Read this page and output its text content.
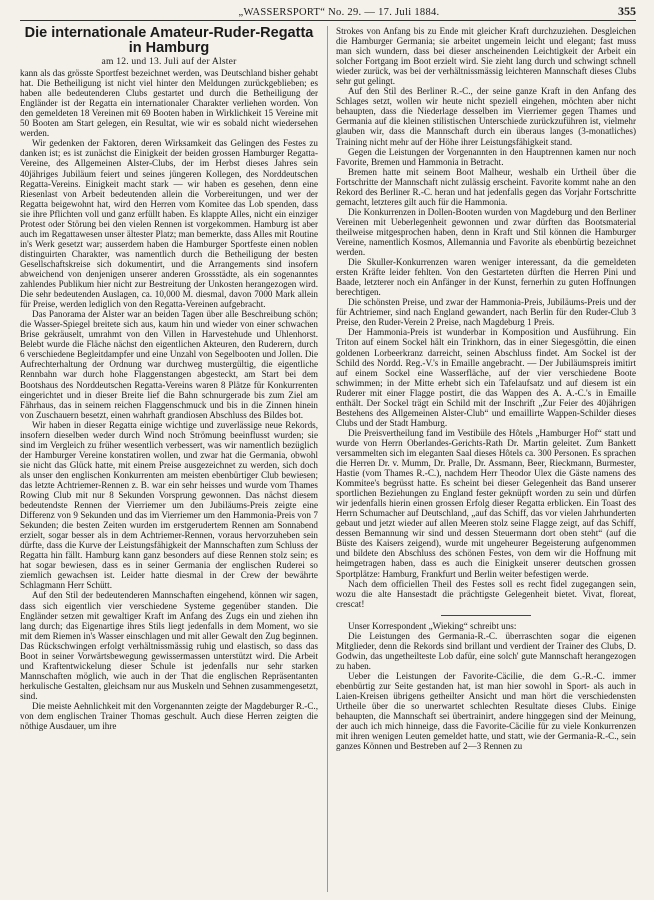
„WASSERSPORT“ No. 29. — 17. Juli 1884.	355
Die internationale Amateur-Ruder-Regatta in Hamburg
am 12. und 13. Juli auf der Alster

kann als das grösste Sportfest bezeichnet werden, was Deutschland bisher gehabt hat. Die Betheiligung ist nicht viel hinter den Meldungen zurückgeblieben; es haben alle bedeutenderen Clubs gestartet und durch die Betheiligung der Engländer ist der Regatta ein internationaler Charakter verliehen worden. Von den gemeldeten 18 Vereinen mit 69 Booten haben in Wirklichkeit 15 Vereine mit 50 Booten am Start gelegen, ein Resultat, wie wir es sobald nicht wiedersehen werden.

Wir gedenken der Faktoren, deren Wirksamkeit das Gelingen des Festes zu danken ist; es ist zunächst die Einigkeit der beiden grossen Hamburger Regatta-Vereine, des Allgemeinen Alster-Clubs, der im Herbst dieses Jahres sein 40jähriges Jubiläum feiert und seines jüngeren Kollegen, des Norddeutschen Regatta-Vereins. Einigkeit macht stark — wir haben es gesehen, denn eine Riesenlast von Arbeit bedeutenden allein die Vorbereitungen, und wer der Regatta beigewohnt hat, wird den Herren vom Komitee das Lob spenden, dass sie ihre Pflichten voll und ganz erfüllt haben. Es klappte Alles, nicht ein einziger Protest oder Störung bei den vielen Rennen ist vorgekommen. Hamburg ist aber auch im Regattawesen unser ältester Platz; man bemerkte, dass Alles mit Routine in's Werk gesetzt war; ausserdem haben die Hamburger Sportfeste einen noblen distinguirten Charakter, was namentlich durch die Betheiligung der besten Gesellschaftskreise sich dokumentirt, und die Arrangements sind insofern abweichend von denjenigen unserer anderen Grossstädte, als ein sogenanntes zahlendes Publikum hier nicht zur Bestreitung der Unkosten herangezogen wird. Die sehr bedeutenden Auslagen, ca. 10,000 M. diesmal, davon 7000 Mark allein für Preise, werden lediglich von den Regatta-Vereinen aufgebracht.

Das Panorama der Alster war an beiden Tagen über alle Beschreibung schön; die Wasser-Spiegel breitete sich aus, kaum hin und wieder von einer schwachen Brise gekräuselt, umrahmt von den Villen in Harvestehude und Uhlenhorst. Belebt wurde die Fläche nächst den eigentlichen Akteuren, den Ruderern, durch 6 verschiedene Begleitdampfer und eine Unzahl von Segelbooten und Jollen. Die Aufrechterhaltung der Ordnung war durchweg mustergültig, die eigentliche Rennbahn war durch hohe Flaggenstangen abgesteckt, am Start bei dem Bootshaus des Norddeutschen Regatta-Vereins waren 8 Plätze für Konkurrenten eingerichtet und in dieser Breite lief die Bahn schnurgerade bis zum Ziel am Fährhaus, das in seinem reichen Flaggenschmuck und bis in die Zinnen hinein von Zuschauern besetzt, einen wahrhaft grandiosen Abschluss des Bildes bot.

Wir haben in dieser Regatta einige wichtige und zuverlässige neue Rekords, insofern dieselben weder durch Wind noch Strömung beeinflusst wurden; sie sind im Vergleich zu früher wesentlich verbessert, was wir namentlich bezüglich der Hamburger Vereine konstatiren wollen, und zwar hat die Germania, obwohl sie nicht das Glück hatte, mit einem Preise ausgezeichnet zu werden, sich doch als unser den englischen Konkurrenten am meisten ebenbürtiger Club bewiesen; das letzte Achtriemer-Rennen z. B. war ein sehr heisses und wurde vom Thames Rowing Club mit nur 8 Sekunden Vorsprung gewonnen. Das nächst diesem bedeutendste Rennen der Vierriemer um den Jubiläums-Preis zeigte eine Differenz von 9 Sekunden und das im Vierriemer um den Hammonia-Preis von 7 Sekunden; die besten Zeiten wurden im erstgerudertem Rennen am Sonnabend erzielt, sogar besser als in dem Achtriemer-Rennen, voraus hervorzuheben sein dürfte, dass die Kurve der Leistungsfähigkeit der Mannschaften zum Schluss der Regatta hin fällt. Hamburg kann ganz besonders auf diese Rennen stolz sein; es hat sogar bewiesen, dass es in seiner Germania der englischen Ruderei so ziemlich gewachsen ist. Leider hatte diesmal in der Crew der bewährte Schlagmann Herr Schütt.

Auf den Stil der bedeutenderen Mannschaften eingehend, können wir sagen, dass sich eigentlich vier verschiedene Systeme gegenüber standen. Die Engländer setzen mit gewaltiger Kraft im Anfang des Zugs ein und ziehen ihn lang durch; das Eigenartige ihres Stils liegt jedenfalls in dem Moment, wo sie mit dem Riemen in's Wasser einschlagen und mit aller Gewalt den Zug beginnen. Das Rückschwingen erfolgt verhältnissmässig ruhig und elastisch, so dass das Boot in seiner Vorwärtsbewegung gewissermassen unterstützt wird. Die Arbeit und Kraftentwickelung dieser Schule ist jedenfalls nur sehr starken Mannschaften möglich, wie auch in der That die englischen Repräsentanten herkulische Gestalten, gleichsam nur aus Muskeln und Sehnen zusammengesetzt, sind.

Die meiste Aehnlichkeit mit den Vorgenannten zeigte der Magdeburger R.-C., von dem englischen Trainer Thomas geschult. Auch diese Herren zeigten die nöthige Ausdauer, um ihre

Strokes von Anfang bis zu Ende mit gleicher Kraft durchzuziehen. Desgleichen die Hamburger Germania; sie arbeitet ungemein leicht und elegant; fast muss man sich wundern, dass bei dieser anscheinenden Leichtigkeit der Arbeit ein solcher Fortgang im Boot erzielt wird. Sie zieht lang durch und schwingt schnell wieder zurück, was bei der verhältnissmässig leichteren Mannschaft dieses Clubs sehr gut gelingt.

Auf den Stil des Berliner R.-C., der seine ganze Kraft in den Anfang des Schlages setzt, wollen wir heute nicht speziell eingehen, möchten aber nicht behaupten, dass die Niederlage desselben im Vierriemer gegen Thames und Germania auf die kleinen stilistischen Unterschiede zurückzuführen ist, vielmehr glauben wir, dass die Mannschaft durch ein überaus langes (3-monatliches) Training nicht mehr auf der Höhe ihrer Leistungsfähigkeit stand.

Gegen die Leistungen der Vorgenannten in den Hauptrennen kamen nur noch Favorite, Bremen und Hammonia in Betracht.

Bremen hatte mit seinem Boot Malheur, weshalb ein Urtheil über die Fortschritte der Mannschaft nicht zulässig erscheint. Favorite kommt nahe an den Rekord des Berliner R.-C. heran und hat jedenfalls gegen das Vorjahr Fortschritte gemacht, letzteres gilt auch für die Hammonia.

Die Konkurrenzen in Dollen-Booten wurden von Magdeburg und den Berliner Vereinen mit Ueberlegenheit gewonnen und zwar dürften das Bootsmaterial theilweise mitgesprochen haben, denn in Kraft und Stil können die Hamburger Vereine, namentlich Kosmos, Allemannia und Favorite als ebenbürtig bezeichnet werden.

Die Skuller-Konkurrenzen waren weniger interessant, da die gemeldeten ersten Kräfte leider fehlten. Von den Gestarteten dürften die Herren Pini und Baade, letzterer noch ein Anfänger in der Kunst, fernerhin zu guten Hoffnungen berechtigen.

Die schönsten Preise, und zwar der Hammonia-Preis, Jubiläums-Preis und der für Achtriemer, sind nach England gewandert, nach Berlin für den Ruder-Club 3 Preise, den Ruder-Verein 2 Preise, nach Magdeburg 1 Preis.

Der Hammonia-Preis ist wunderbar in Komposition und Ausführung. Ein Triton auf einem Sockel hält ein Trinkhorn, das in einer Siegesgöttin, die einen goldenen Lorbeerkranz darreicht, seinen Abschluss findet. Am Sockel ist der Schild des Nordd. Reg.-V.'s in Emaille angebracht. — Der Jubiläumspreis imitirt auf einem Sockel eine Wasserfläche, auf der vier verschiedene Boote schwimmen; in der Mitte erhebt sich ein Tafelaufsatz und auf diesem ist ein Ruderer mit einer Flagge postirt, die das Wappen des A. A.-C.'s in Emaille enthält. Der Sockel trägt ein Schild mit der Inschrift „Zur Feier des 40jährigen Bestehens des Allgemeinen Alster-Club“ und emaillirte Wappen-Schilder dieses Clubs und der Stadt Hamburg.

Die Preisvertheilung fand im Vestibüle des Hôtels „Hamburger Hof“ statt und wurde von Herrn Oberlandes-Gerichts-Rath Dr. Martin geleitet. Zum Bankett versammelten sich im eleganten Saal dieses Hôtels ca. 300 Personen. Es sprachen die Herren Dr. v. Mumm, Dr. Pralle, Dr. Assmann, Beer, Rieckmann, Burmester, Hastie (vom Thames R.-C.), nachdem Herr Theodor Ulex die Gäste namens des Kommitee's begrüsst hatte. Es scheint bei dieser Gelegenheit das Band unserer sportlichen Beziehungen zu England fester geknüpft worden zu sein und dürfen wir jedenfalls hierin einen grossen Erfolg dieser Regatta erblicken. Ein Toast des Herrn Schumacher auf Deutschland, „auf das Schiff, das vor vielen Jahrhunderten gebaut und jetzt wieder auf allen Meeren stolz seine Flagge zeigt, auf das Schiff, dessen Bemannung wir sind und dessen Steuermann dort oben steht“ (auf die Büste des Kaisers zeigend), wurde mit ungeheurer Begeisterung aufgenommen und bildete den Abschluss des schönen Festes, von dem wir die Hoffnung mit heimgetragen haben, dass es auch die Einigkeit unserer deutschen grossen Sportplätze: Hamburg, Frankfurt und Berlin weiter befestigen werde.

Nach dem officiellen Theil des Festes soll es recht fidel zugegangen sein, wozu die alte Hansestadt die prächtigste Gelegenheit bietet. Vivat, floreat, crescat!

Unser Korrespondent „Wieking“ schreibt uns:

Die Leistungen des Germania-R.-C. überraschten sogar die eigenen Mitglieder, denn die Rekords sind brillant und verdient der Trainer des Clubs, D. Godwin, das ungetheilteste Lob dafür, eine solch' gute Mannschaft herangezogen zu haben.

Ueber die Leistungen der Favorite-Cäcilie, die dem G.-R.-C. immer ebenbürtig zur Seite gestanden hat, ist man hier sowohl in Sport- als auch in Laien-Kreisen übrigens getheilter Ansicht und man hört die verschiedensten Urtheile über die so unerwartet schlechten Resultate dieses Clubs. Einige behaupten, die Mannschaft sei übertrainirt, andere hinggegen sind der Meinung, der auch ich mich hinneige, dass die Favorite-Cäcilie für zu viele Konkurrenzen mit ihren wenigen Leuten gemeldet hatte, und statt, wie der Germania-R.-C., sein ganzes Können und Bestreben auf 2—3 Rennen zu
